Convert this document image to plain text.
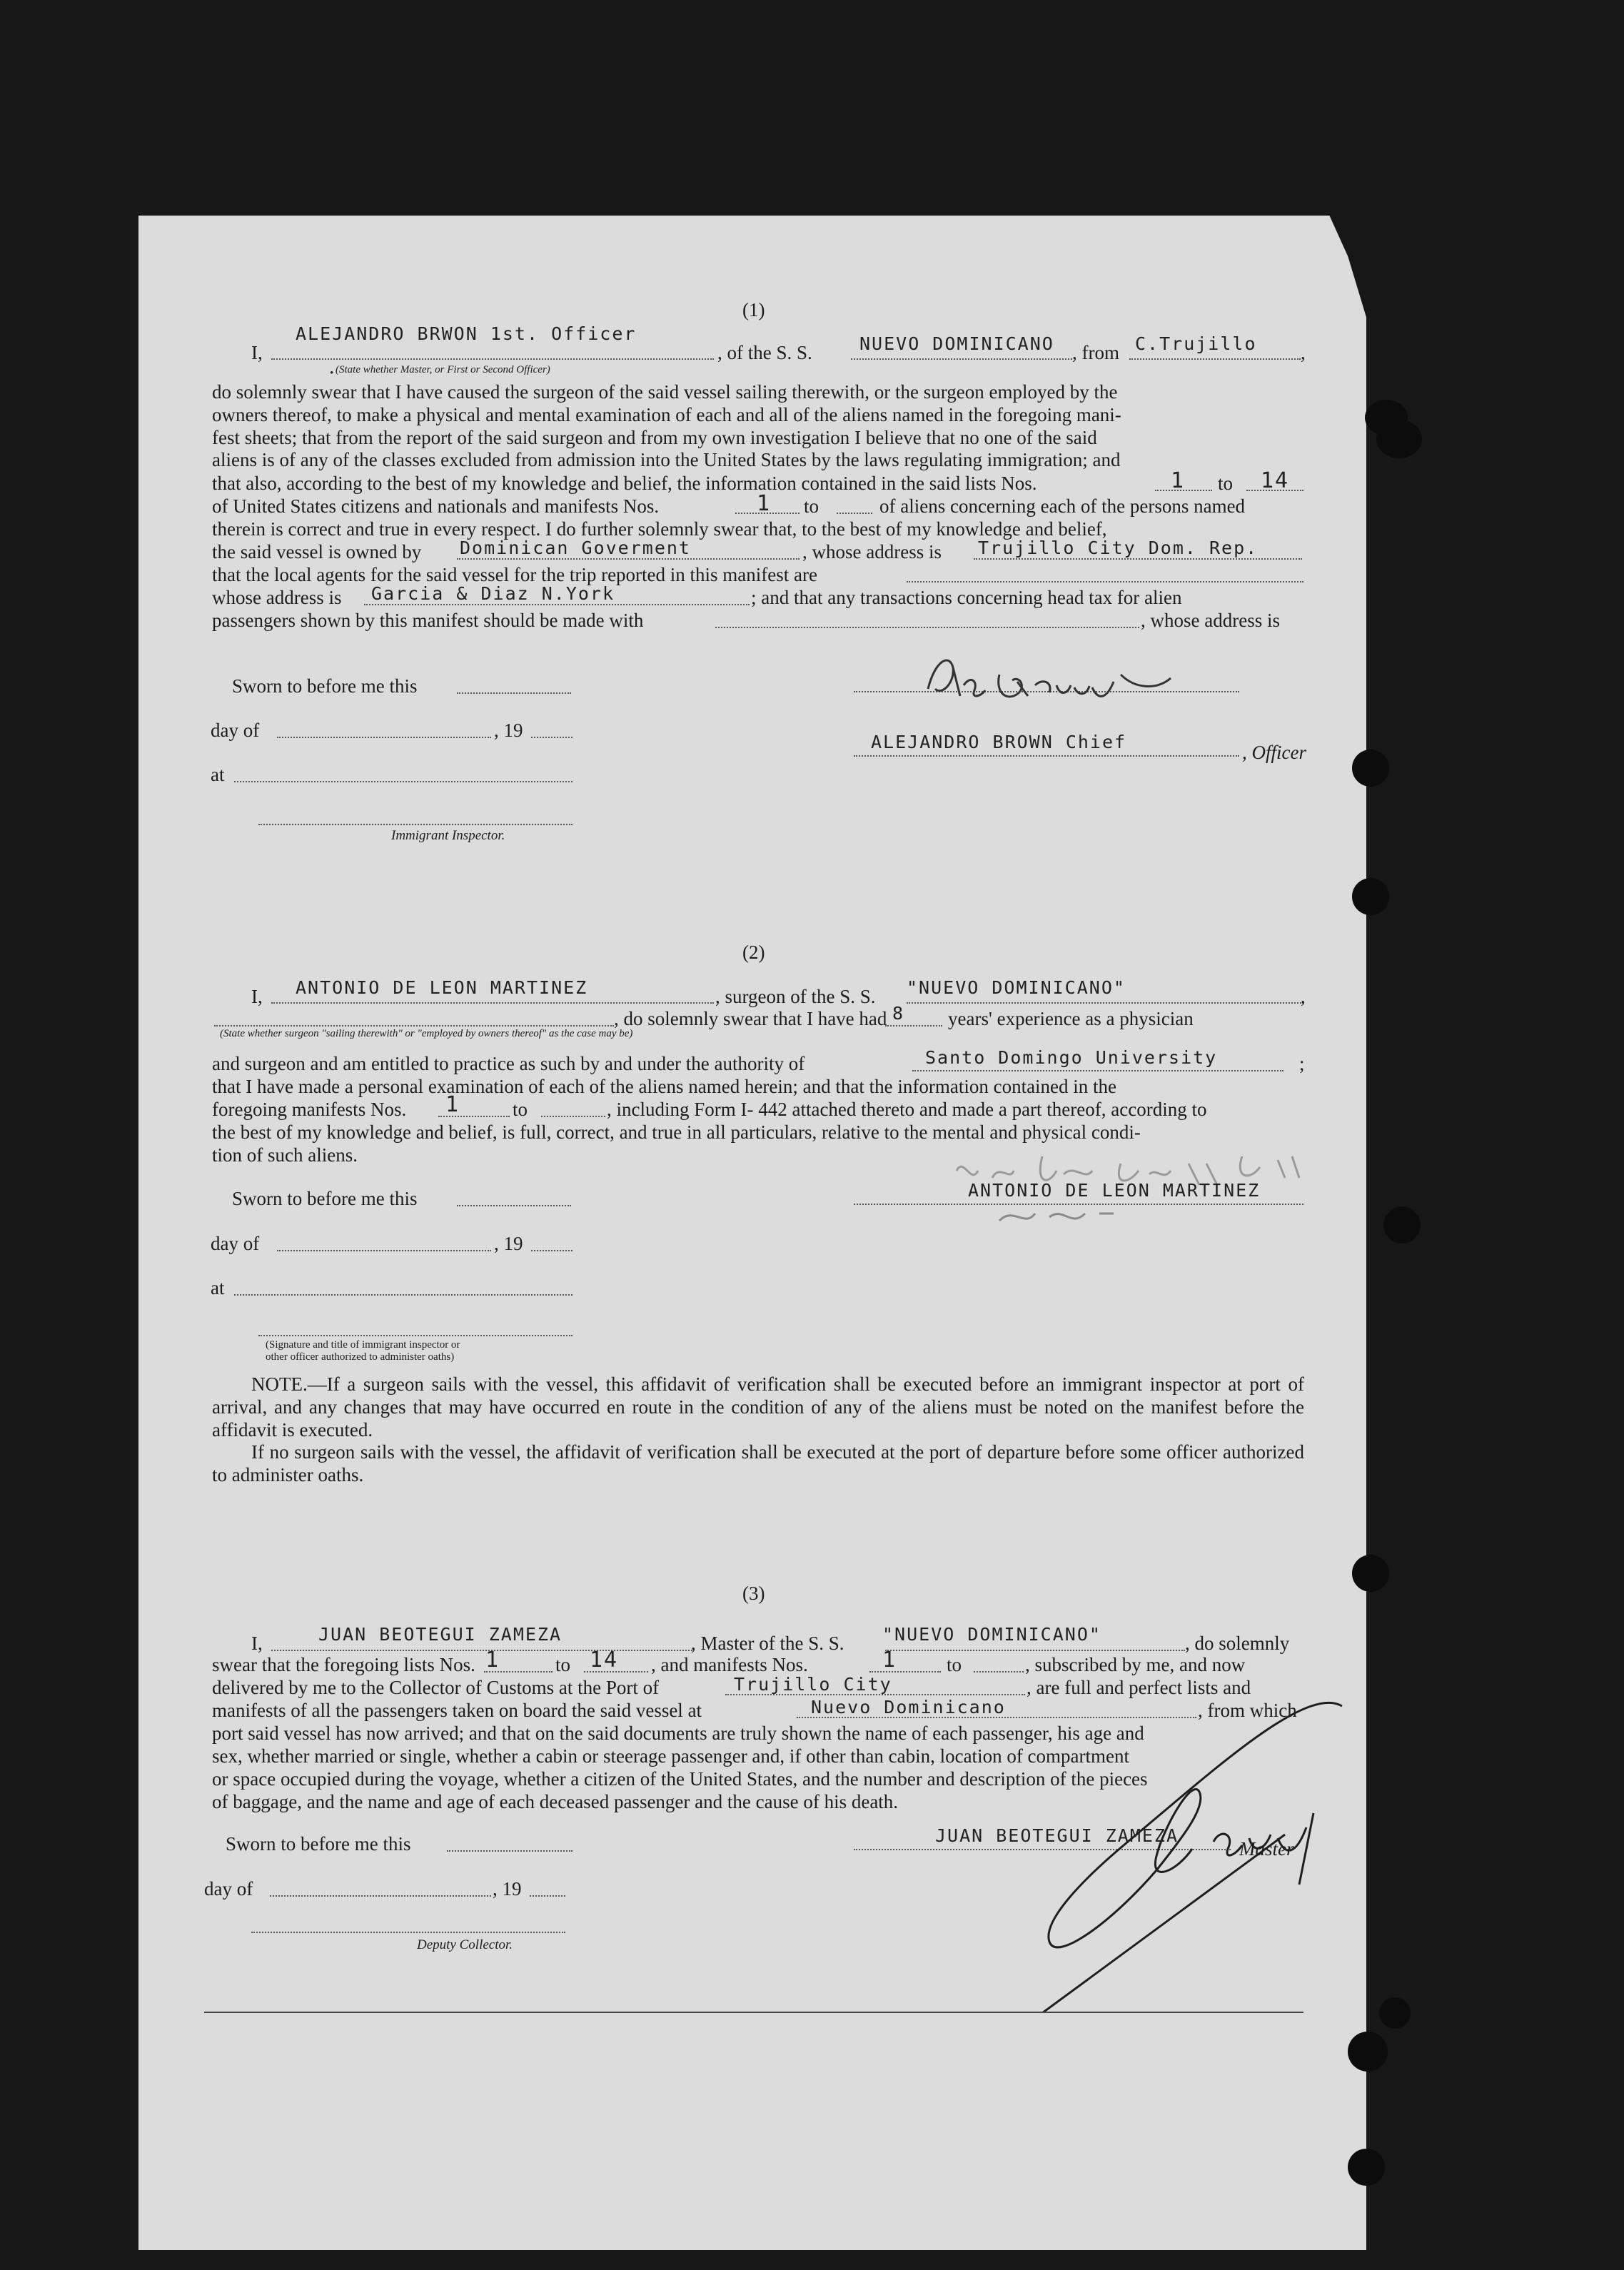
(1)
I,
ALEJANDRO BRWON 1st. Officer
, of the S. S.	NUEVO DOMINICANO , from C.Trujillo ,
(State whether Master, or First or Second Officer)
•

do solemnly swear that I have caused the surgeon of the said vessel sailing therewith, or the surgeon employed by the

owners thereof, to make a physical and mental examination of each and all of the aliens named in the foregoing mani-

fest sheets; that from the report of the said surgeon and from my own investigation I believe that no one of the said

aliens is of any of the classes excluded from admission into the United States by the laws regulating immigration; and

that also, according to the best of my knowledge and belief, the information contained in the said lists Nos.	1 to 14
of United States citizens and nationals and manifests Nos.	1 to	of aliens concerning each of the persons named
therein is correct and true in every respect. I do further solemnly swear that, to the best of my knowledge and belief,
the said vessel is owned by Dominican Goverment	, whose address is Trujillo City Dom. Rep.
that the local agents for the said vessel for the trip reported in this manifest are
whose address is Garcia & Diaz N.York	; and that any transactions concerning head tax for alien
passengers shown by this manifest should be made with	, whose address is
Sworn to before me this
day of	, 19
at
Immigrant Inspector.
ALEJANDRO BROWN Chief	, Officer
(2)
I, ANTONIO DE LEON MARTINEZ	, surgeon of the S. S. "NUEVO DOMINICANO"	,
, do solemnly swear that I have had 8 years' experience as a physician
(State whether surgeon "sailing therewith" or "employed by owners thereof" as the case may be)
and surgeon and am entitled to practice as such by and under the authority of	Santo Domingo University	;
that I have made a personal examination of each of the aliens named herein; and that the information contained in the
foregoing manifests Nos. 1	to	, including Form I- 442 attached thereto and made a part thereof, according to
the best of my knowledge and belief, is full, correct, and true in all particulars, relative to the mental and physical condi-
tion of such aliens.
Sworn to before me this	ANTONIO DE LEON MARTINEZ
day of	, 19
at
(Signature and title of immigrant inspector or
other officer authorized to administer oaths)

NOTE.—If a surgeon sails with the vessel, this affidavit of verification shall be executed before an immigrant inspector at port of arrival, and any changes that may have occurred en route in the condition of any of the aliens must be noted on the manifest before the affidavit is executed.

If no surgeon sails with the vessel, the affidavit of verification shall be executed at the port of departure before some officer authorized to administer oaths.

(3)
I,	JUAN BEOTEGUI ZAMEZA	, Master of the S. S. "NUEVO DOMINICANO"	, do solemnly
swear that the foregoing lists Nos. 1	to 14 , and manifests Nos.	1	to	, subscribed by me, and now
delivered by me to the Collector of Customs at the Port of	Trujillo City	, are full and perfect lists and
manifests of all the passengers taken on board the said vessel at	Nuevo Dominicano	, from which
port said vessel has now arrived; and that on the said documents are truly shown the name of each passenger, his age and
sex, whether married or single, whether a cabin or steerage passenger and, if other than cabin, location of compartment
or space occupied during the voyage, whether a citizen of the United States, and the number and description of the pieces
of baggage, and the name and age of each deceased passenger and the cause of his death.
Sworn to before me this	JUAN BEOTEGUI ZAMEZA
Master
day of	, 19
Deputy Collector.
